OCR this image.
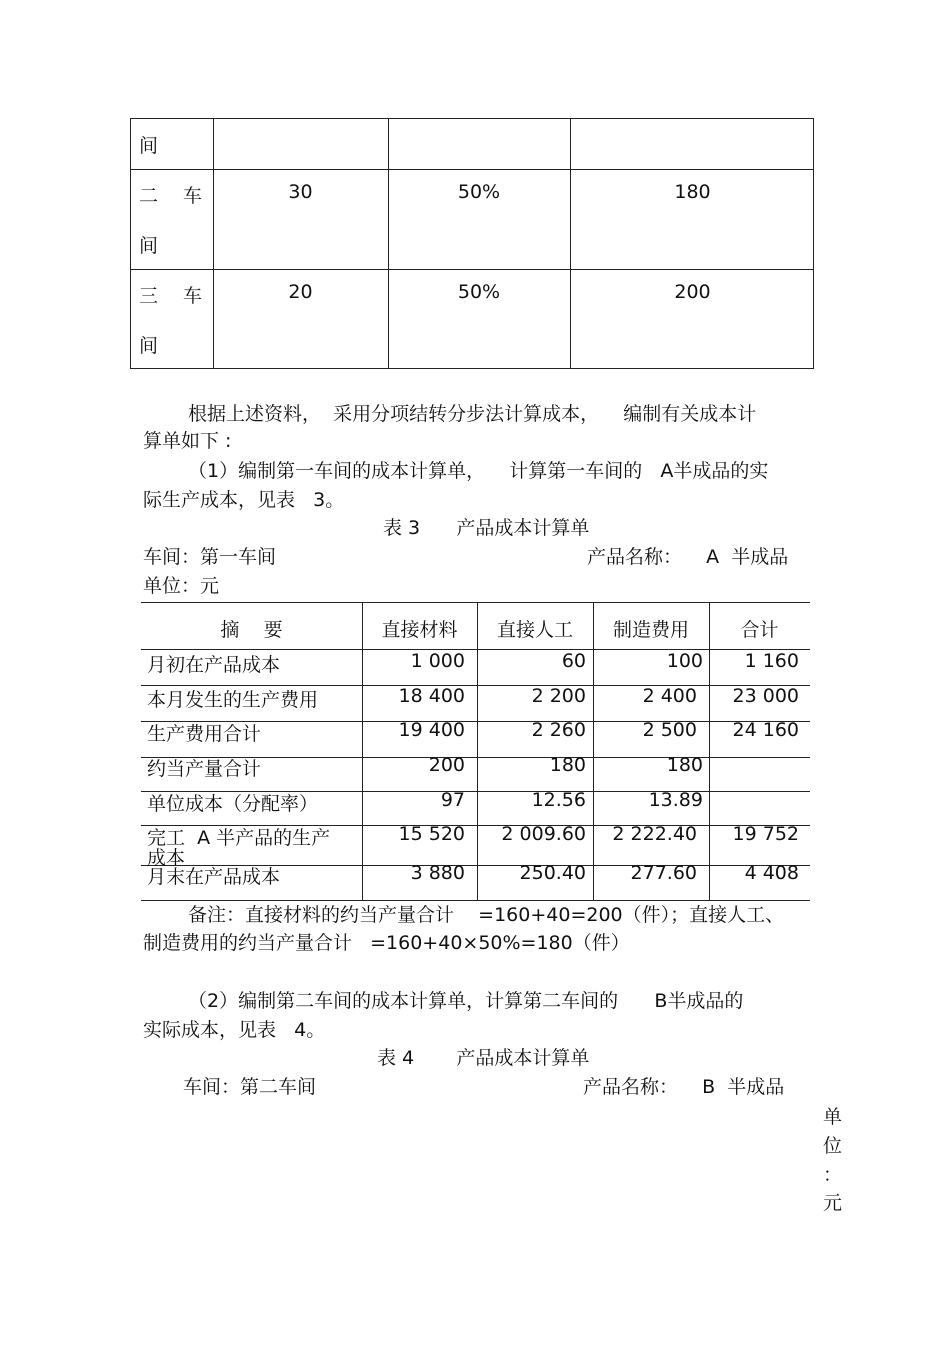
间
二 车
间
30	50%	180
三 车
间
20	50%	200
根据上述资料，  采用分项结转分步法计算成本，    编制有关成本计
算单如下 :
（1）编制第一车间的成本计算单，    计算第一车间的   A半成品的实
际生产成本，见表   3。
表 3      产品成本计算单
车间：第一车间	产品名称：    A  半成品
单位：元
摘    要	直接材料	直接人工	制造费用	合计
月初在产品成本	1 000	60	100	1 160
本月发生的生产费用	18 400	2 200	2 400	23 000
生产费用合计	19 400	2 260	2 500	24 160
约当产量合计	200	180	180
单位成本（分配率）	97	12.56	13.89
完工  A 半产品的生产
成本
15 520	2 009.60	2 222.40	19 752
月末在产品成本	3 880	250.40	277.60	4 408
备注：直接材料的约当产量合计    =160+40=200（件）；直接人工、
制造费用的约当产量合计   =160+40×50%=180（件）
（2）编制第二车间的成本计算单，计算第二车间的      B半成品的
实际成本，见表   4。
表 4       产品成本计算单
车间：第二车间	产品名称：    B  半成品
单
位
：
元
